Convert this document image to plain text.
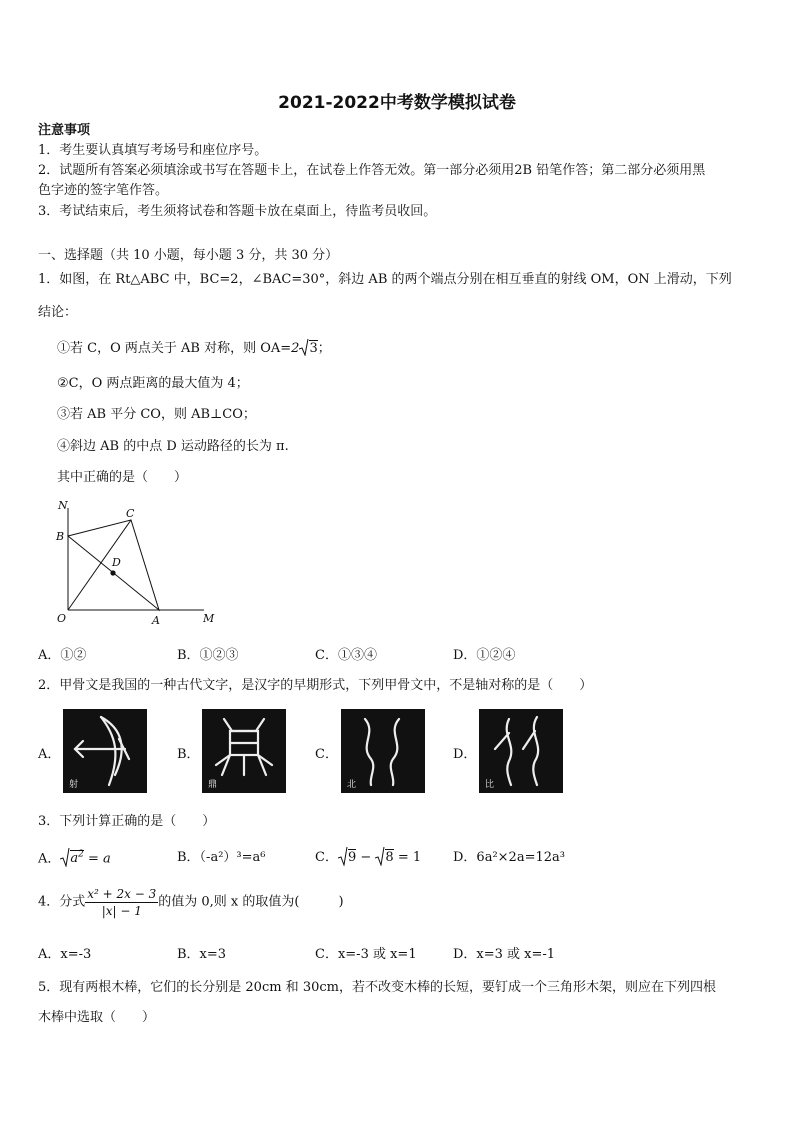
2021-2022中考数学模拟试卷
注意事项
1．考生要认真填写考场号和座位序号。
2．试题所有答案必须填涂或书写在答题卡上，在试卷上作答无效。第一部分必须用2B 铅笔作答；第二部分必须用黑
色字迹的签字笔作答。
3．考试结束后，考生须将试卷和答题卡放在桌面上，待监考员收回。
一、选择题（共 10 小题，每小题 3 分，共 30 分）
1．如图，在 Rt△ABC 中，BC=2，∠BAC=30°，斜边 AB 的两个端点分别在相互垂直的射线 OM，ON 上滑动，下列
结论：
①若 C，O 两点关于 AB 对称，则 OA=2 3；
②C，O 两点距离的最大值为 4；
③若 AB 平分 CO，则 AB⊥CO；
④斜边 AB 的中点 D 运动路径的长为 π.
其中正确的是（　　）
N
B
C
D
O	A	M
A．①②	B．①②③	C．①③④	D．①②④
2．甲骨文是我国的一种古代文字，是汉字的早期形式，下列甲骨文中，不是轴对称的是（　　）
A．
射
B．
鼎
C．
北
D．
比
3．下列计算正确的是（　　）
A． $a^2 = a$	B．（-a²）³=a⁶	C． 9 − 8 = 1 D．6a²×2a=12a³
4．分式 $\frac{\text{x² + 2x − 3}}{|x| - 1}$ 的值为 0,则 x 的取值为(　　　)
A．x=-3	B．x=3	C．x=-3 或 x=1	D．x=3 或 x=-1
5．现有两根木棒，它们的长分别是 20cm 和 30cm，若不改变木棒的长短，要钉成一个三角形木架，则应在下列四根
木棒中选取（　　）
